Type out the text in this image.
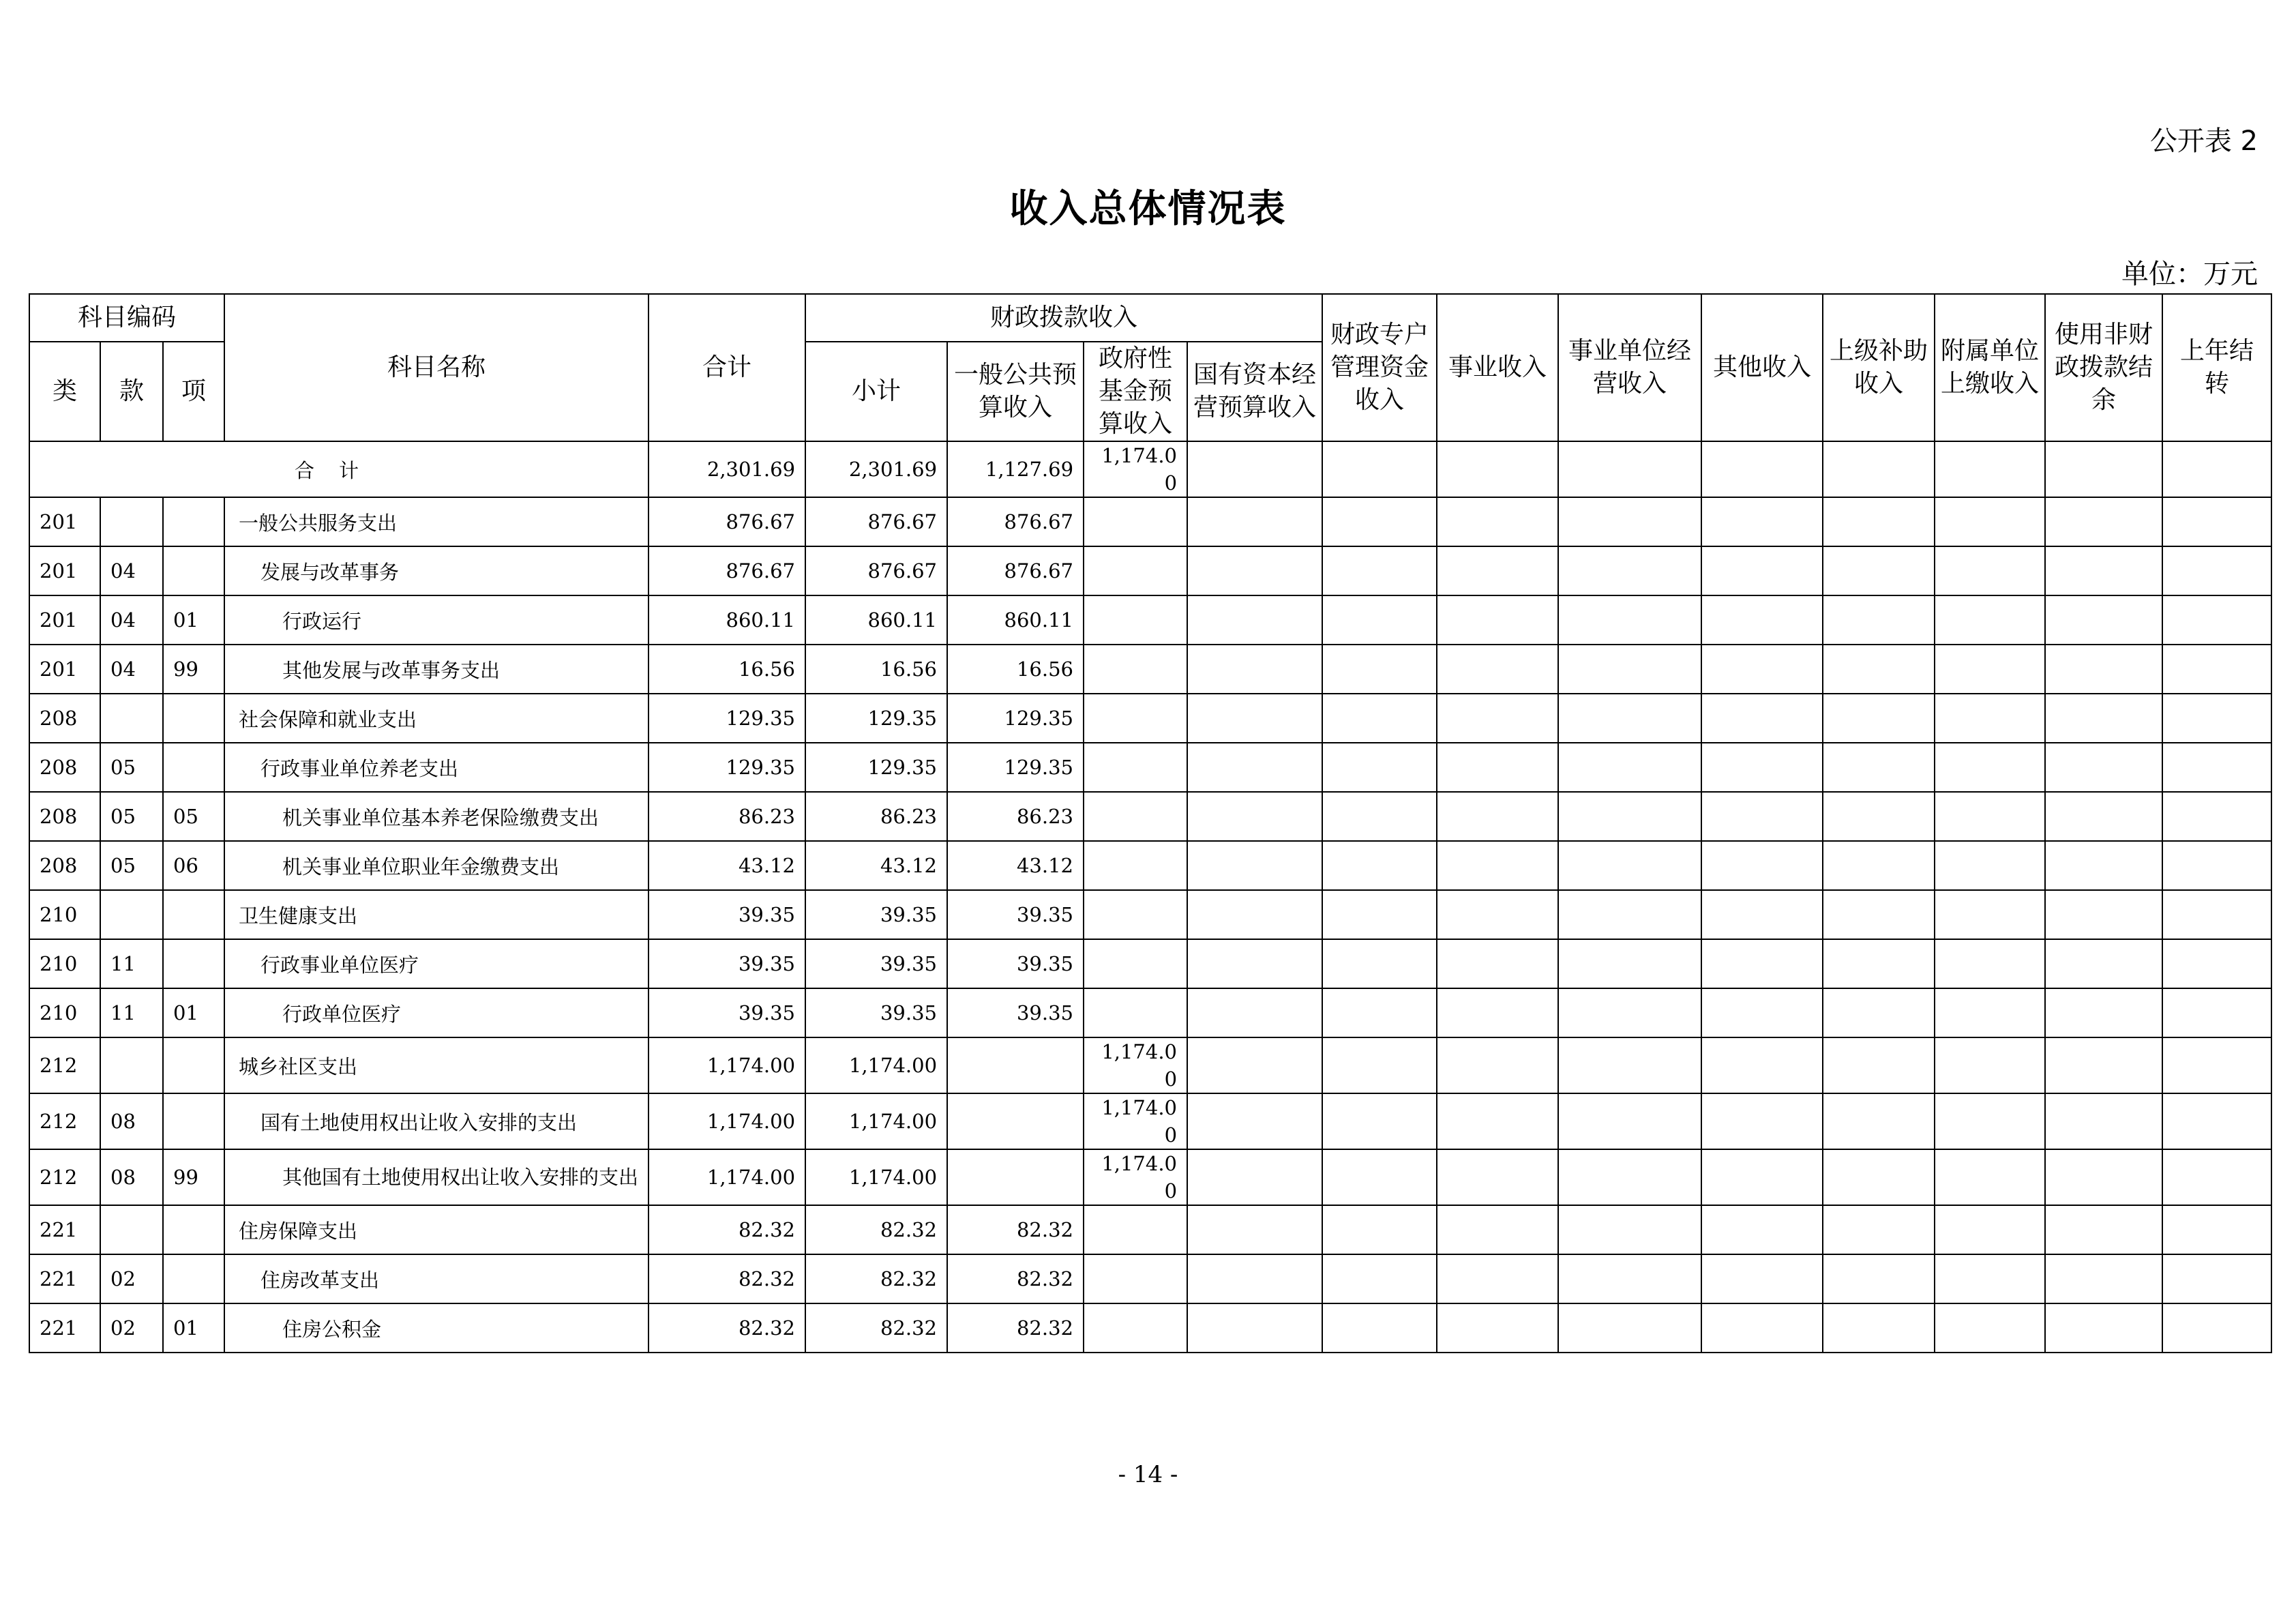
公开表 2
收入总体情况表
单位：万元
科目编码			科目名称	合计	财政拨款收入				财政专户管理资金收入	事业收入	事业单位经营收入	其他收入	上级补助收入	附属单位上缴收入	使用非财政拨款结余	上年结转
类	款	项			小计	一般公共预算收入	政府性基金预算收入	国有资本经营预算收入								
合计				2,301.69	2,301.69	1,127.69	1,174.00									
201			一般公共服务支出	876.67	876.67	876.67										
201	04		发展与改革事务	876.67	876.67	876.67										
201	04	01	行政运行	860.11	860.11	860.11										
201	04	99	其他发展与改革事务支出	16.56	16.56	16.56										
208			社会保障和就业支出	129.35	129.35	129.35										
208	05		行政事业单位养老支出	129.35	129.35	129.35										
208	05	05	机关事业单位基本养老保险缴费支出	86.23	86.23	86.23										
208	05	06	机关事业单位职业年金缴费支出	43.12	43.12	43.12										
210			卫生健康支出	39.35	39.35	39.35										
210	11		行政事业单位医疗	39.35	39.35	39.35										
210	11	01	行政单位医疗	39.35	39.35	39.35										
212			城乡社区支出	1,174.00	1,174.00		1,174.00									
212	08		国有土地使用权出让收入安排的支出	1,174.00	1,174.00		1,174.00									
212	08	99	其他国有土地使用权出让收入安排的支出	1,174.00	1,174.00		1,174.00									
221			住房保障支出	82.32	82.32	82.32										
221	02		住房改革支出	82.32	82.32	82.32										
221	02	01	住房公积金	82.32	82.32	82.32										
- 14 -
